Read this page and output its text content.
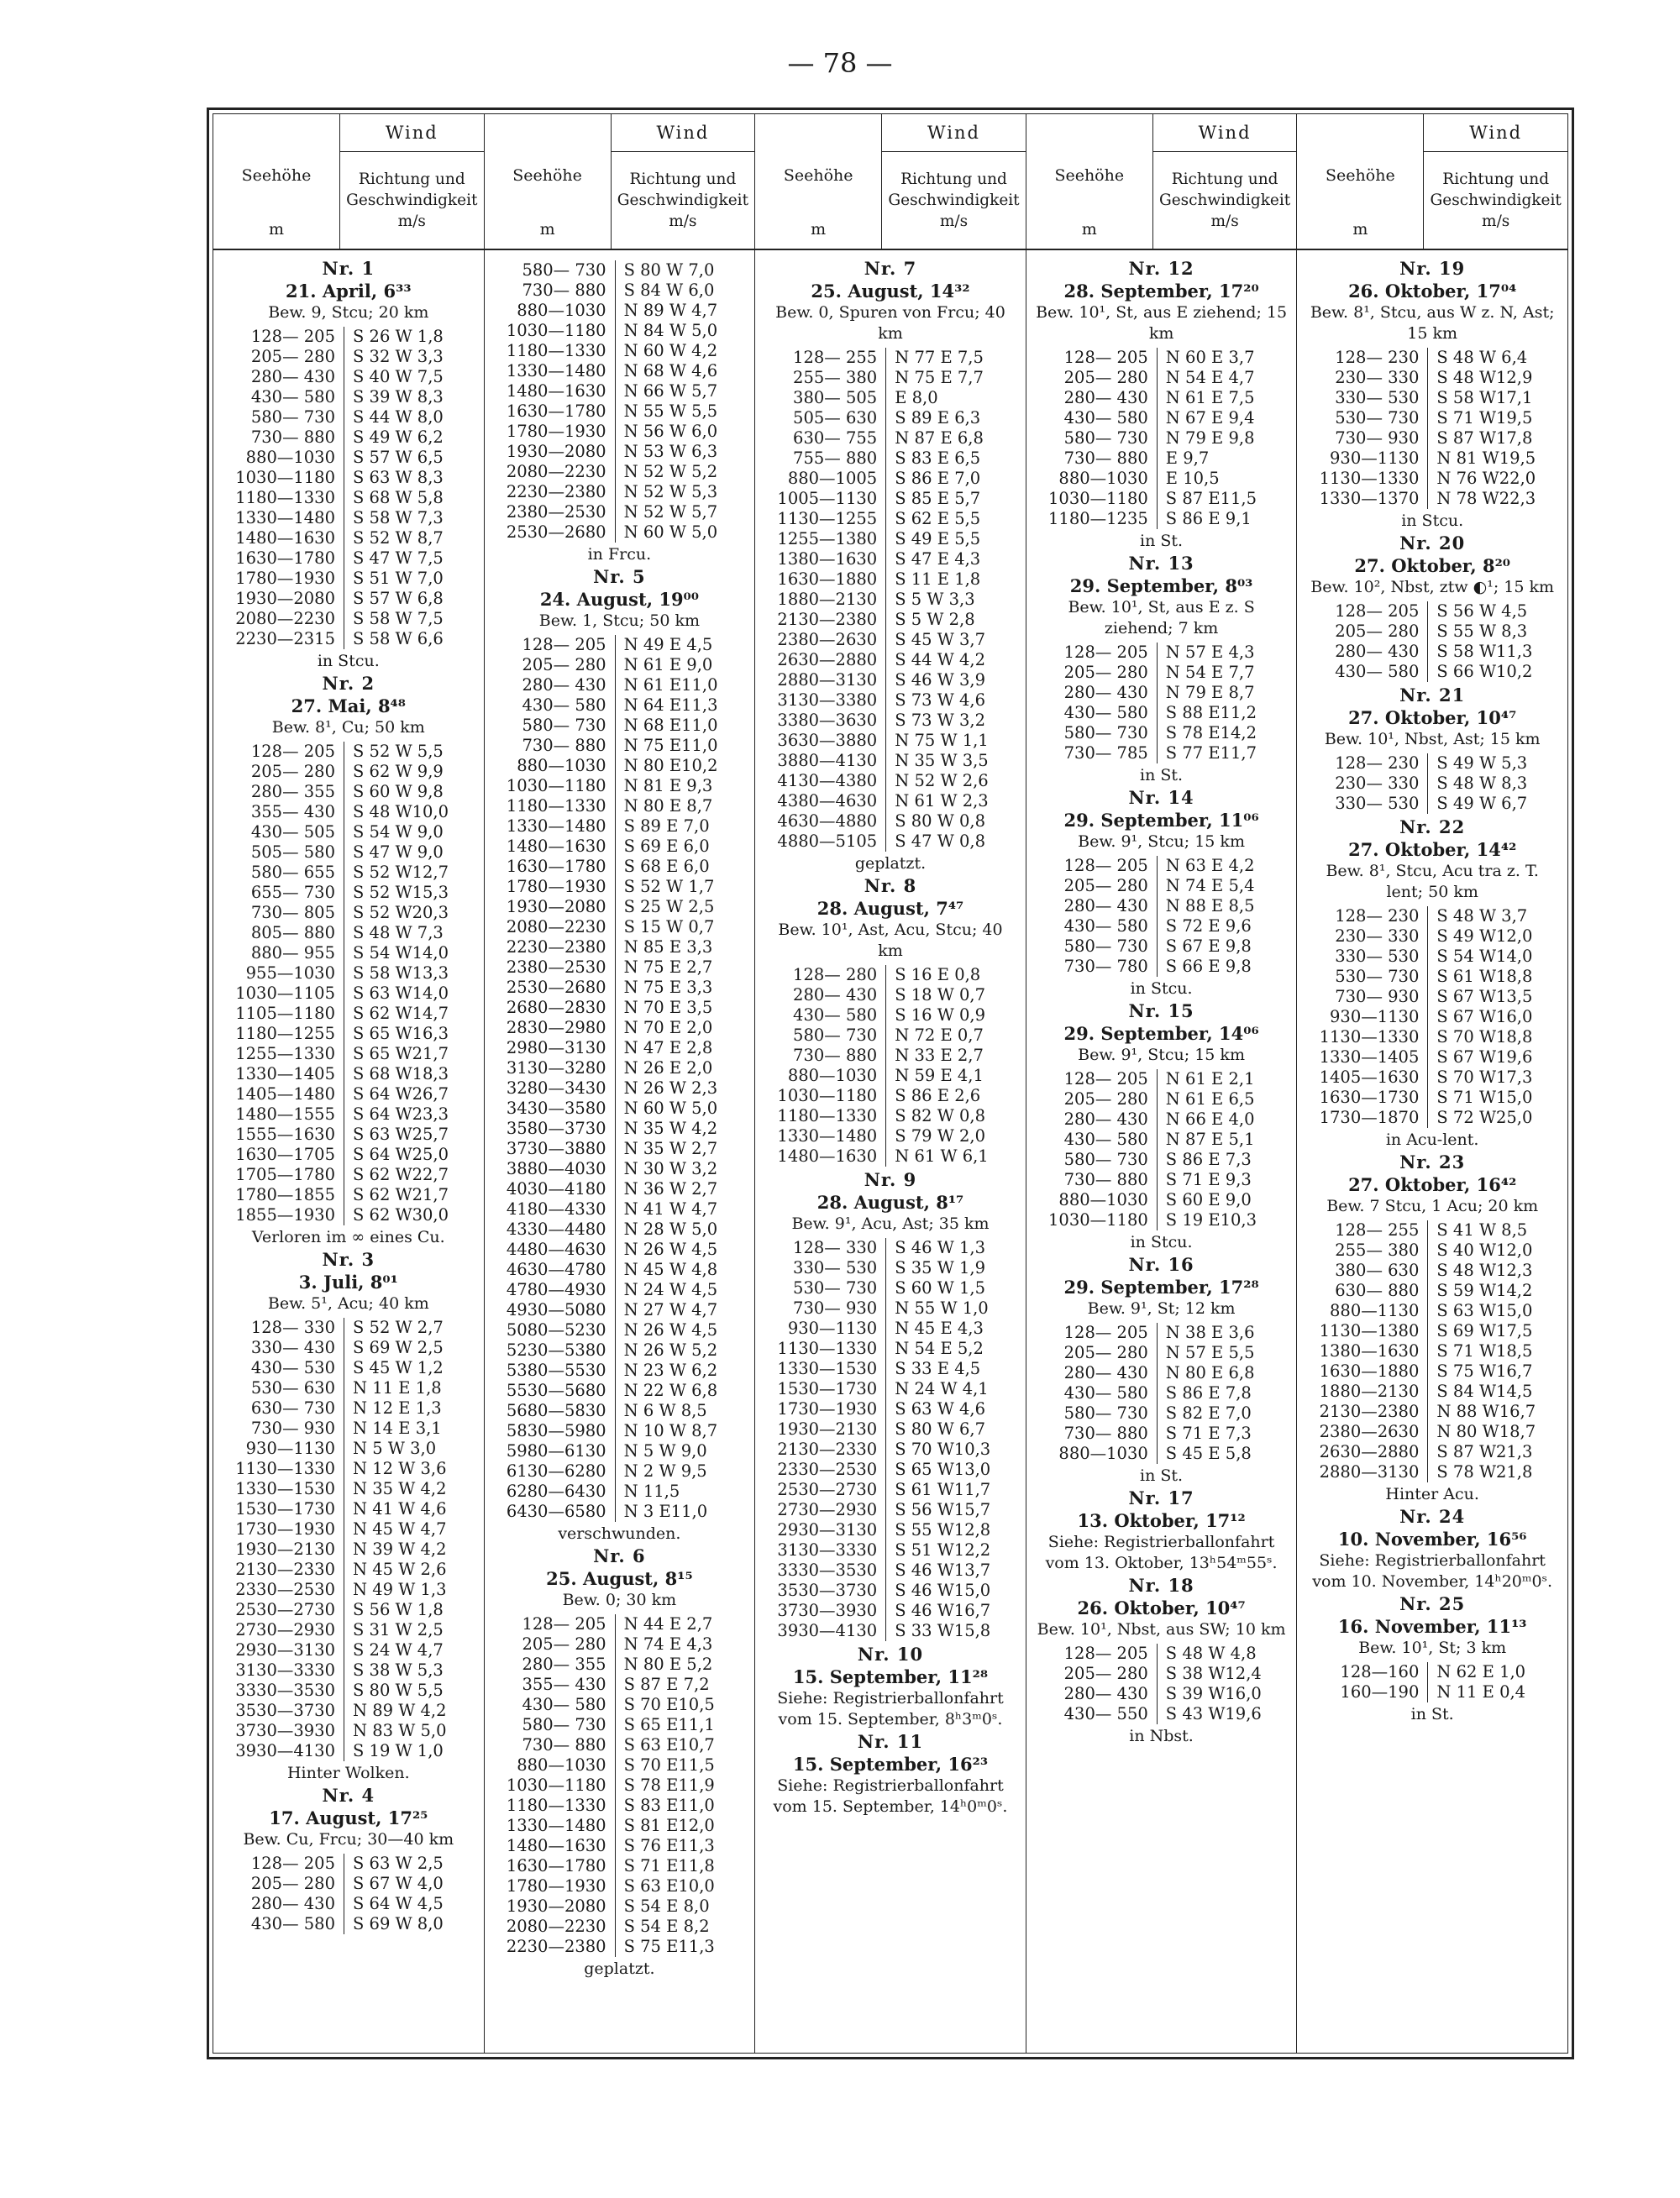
— 78 —
Seehöhe
m
Wind
Richtung und
Geschwindigkeit
m/s
Nr. 1
21. April, 6³³
Bew. 9, Stcu; 20 km
128— 205	S 26 W 1,8
205— 280	S 32 W 3,3
280— 430	S 40 W 7,5
430— 580	S 39 W 8,3
580— 730	S 44 W 8,0
730— 880	S 49 W 6,2
880—1030	S 57 W 6,5
1030—1180	S 63 W 8,3
1180—1330	S 68 W 5,8
1330—1480	S 58 W 7,3
1480—1630	S 52 W 8,7
1630—1780	S 47 W 7,5
1780—1930	S 51 W 7,0
1930—2080	S 57 W 6,8
2080—2230	S 58 W 7,5
2230—2315	S 58 W 6,6
in Stcu.
Nr. 2
27. Mai, 8⁴⁸
Bew. 8¹, Cu; 50 km
128— 205	S 52 W 5,5
205— 280	S 62 W 9,9
280— 355	S 60 W 9,8
355— 430	S 48 W10,0
430— 505	S 54 W 9,0
505— 580	S 47 W 9,0
580— 655	S 52 W12,7
655— 730	S 52 W15,3
730— 805	S 52 W20,3
805— 880	S 48 W 7,3
880— 955	S 54 W14,0
955—1030	S 58 W13,3
1030—1105	S 63 W14,0
1105—1180	S 62 W14,7
1180—1255	S 65 W16,3
1255—1330	S 65 W21,7
1330—1405	S 68 W18,3
1405—1480	S 64 W26,7
1480—1555	S 64 W23,3
1555—1630	S 63 W25,7
1630—1705	S 64 W25,0
1705—1780	S 62 W22,7
1780—1855	S 62 W21,7
1855—1930	S 62 W30,0
Verloren im ∞ eines Cu.
Nr. 3
3. Juli, 8⁰¹
Bew. 5¹, Acu; 40 km
128— 330	S 52 W 2,7
330— 430	S 69 W 2,5
430— 530	S 45 W 1,2
530— 630	N 11 E 1,8
630— 730	N 12 E 1,3
730— 930	N 14 E 3,1
930—1130	N 5 W 3,0
1130—1330	N 12 W 3,6
1330—1530	N 35 W 4,2
1530—1730	N 41 W 4,6
1730—1930	N 45 W 4,7
1930—2130	N 39 W 4,2
2130—2330	N 45 W 2,6
2330—2530	N 49 W 1,3
2530—2730	S 56 W 1,8
2730—2930	S 31 W 2,5
2930—3130	S 24 W 4,7
3130—3330	S 38 W 5,3
3330—3530	S 80 W 5,5
3530—3730	N 89 W 4,2
3730—3930	N 83 W 5,0
3930—4130	S 19 W 1,0
Hinter Wolken.
Nr. 4
17. August, 17²⁵
Bew. Cu, Frcu; 30—40 km
128— 205	S 63 W 2,5
205— 280	S 67 W 4,0
280— 430	S 64 W 4,5
430— 580	S 69 W 8,0
Seehöhe
m
Wind
Richtung und
Geschwindigkeit
m/s
580— 730	S 80 W 7,0
730— 880	S 84 W 6,0
880—1030	N 89 W 4,7
1030—1180	N 84 W 5,0
1180—1330	N 60 W 4,2
1330—1480	N 68 W 4,6
1480—1630	N 66 W 5,7
1630—1780	N 55 W 5,5
1780—1930	N 56 W 6,0
1930—2080	N 53 W 6,3
2080—2230	N 52 W 5,2
2230—2380	N 52 W 5,3
2380—2530	N 52 W 5,7
2530—2680	N 60 W 5,0
in Frcu.
Nr. 5
24. August, 19⁰⁰
Bew. 1, Stcu; 50 km
128— 205	N 49 E 4,5
205— 280	N 61 E 9,0
280— 430	N 61 E11,0
430— 580	N 64 E11,3
580— 730	N 68 E11,0
730— 880	N 75 E11,0
880—1030	N 80 E10,2
1030—1180	N 81 E 9,3
1180—1330	N 80 E 8,7
1330—1480	S 89 E 7,0
1480—1630	S 69 E 6,0
1630—1780	S 68 E 6,0
1780—1930	S 52 W 1,7
1930—2080	S 25 W 2,5
2080—2230	S 15 W 0,7
2230—2380	N 85 E 3,3
2380—2530	N 75 E 2,7
2530—2680	N 75 E 3,3
2680—2830	N 70 E 3,5
2830—2980	N 70 E 2,0
2980—3130	N 47 E 2,8
3130—3280	N 26 E 2,0
3280—3430	N 26 W 2,3
3430—3580	N 60 W 5,0
3580—3730	N 35 W 4,2
3730—3880	N 35 W 2,7
3880—4030	N 30 W 3,2
4030—4180	N 36 W 2,7
4180—4330	N 41 W 4,7
4330—4480	N 28 W 5,0
4480—4630	N 26 W 4,5
4630—4780	N 45 W 4,8
4780—4930	N 24 W 4,5
4930—5080	N 27 W 4,7
5080—5230	N 26 W 4,5
5230—5380	N 26 W 5,2
5380—5530	N 23 W 6,2
5530—5680	N 22 W 6,8
5680—5830	N 6 W 8,5
5830—5980	N 10 W 8,7
5980—6130	N 5 W 9,0
6130—6280	N 2 W 9,5
6280—6430	N 11,5
6430—6580	N 3 E11,0
verschwunden.
Nr. 6
25. August, 8¹⁵
Bew. 0; 30 km
128— 205	N 44 E 2,7
205— 280	N 74 E 4,3
280— 355	N 80 E 5,2
355— 430	S 87 E 7,2
430— 580	S 70 E10,5
580— 730	S 65 E11,1
730— 880	S 63 E10,7
880—1030	S 70 E11,5
1030—1180	S 78 E11,9
1180—1330	S 83 E11,0
1330—1480	S 81 E12,0
1480—1630	S 76 E11,3
1630—1780	S 71 E11,8
1780—1930	S 63 E10,0
1930—2080	S 54 E 8,0
2080—2230	S 54 E 8,2
2230—2380	S 75 E11,3
geplatzt.
Seehöhe
m
Wind
Richtung und
Geschwindigkeit
m/s
Nr. 7
25. August, 14³²
Bew. 0, Spuren von Frcu; 40 km
128— 255	N 77 E 7,5
255— 380	N 75 E 7,7
380— 505	E 8,0
505— 630	S 89 E 6,3
630— 755	N 87 E 6,8
755— 880	S 83 E 6,5
880—1005	S 86 E 7,0
1005—1130	S 85 E 5,7
1130—1255	S 62 E 5,5
1255—1380	S 49 E 5,5
1380—1630	S 47 E 4,3
1630—1880	S 11 E 1,8
1880—2130	S 5 W 3,3
2130—2380	S 5 W 2,8
2380—2630	S 45 W 3,7
2630—2880	S 44 W 4,2
2880—3130	S 46 W 3,9
3130—3380	S 73 W 4,6
3380—3630	S 73 W 3,2
3630—3880	N 75 W 1,1
3880—4130	N 35 W 3,5
4130—4380	N 52 W 2,6
4380—4630	N 61 W 2,3
4630—4880	S 80 W 0,8
4880—5105	S 47 W 0,8
geplatzt.
Nr. 8
28. August, 7⁴⁷
Bew. 10¹, Ast, Acu, Stcu; 40 km
128— 280	S 16 E 0,8
280— 430	S 18 W 0,7
430— 580	S 16 W 0,9
580— 730	N 72 E 0,7
730— 880	N 33 E 2,7
880—1030	N 59 E 4,1
1030—1180	S 86 E 2,6
1180—1330	S 82 W 0,8
1330—1480	S 79 W 2,0
1480—1630	N 61 W 6,1
Nr. 9
28. August, 8¹⁷
Bew. 9¹, Acu, Ast; 35 km
128— 330	S 46 W 1,3
330— 530	S 35 W 1,9
530— 730	S 60 W 1,5
730— 930	N 55 W 1,0
930—1130	N 45 E 4,3
1130—1330	N 54 E 5,2
1330—1530	S 33 E 4,5
1530—1730	N 24 W 4,1
1730—1930	S 63 W 4,6
1930—2130	S 80 W 6,7
2130—2330	S 70 W10,3
2330—2530	S 65 W13,0
2530—2730	S 61 W11,7
2730—2930	S 56 W15,7
2930—3130	S 55 W12,8
3130—3330	S 51 W12,2
3330—3530	S 46 W13,7
3530—3730	S 46 W15,0
3730—3930	S 46 W16,7
3930—4130	S 33 W15,8
Nr. 10
15. September, 11²⁸
Siehe: Registrierballonfahrt vom 15. September, 8ʰ3ᵐ0ˢ.
Nr. 11
15. September, 16²³
Siehe: Registrierballonfahrt vom 15. September, 14ʰ0ᵐ0ˢ.
Seehöhe
m
Wind
Richtung und
Geschwindigkeit
m/s
Nr. 12
28. September, 17²⁰
Bew. 10¹, St, aus E ziehend; 15 km
128— 205	N 60 E 3,7
205— 280	N 54 E 4,7
280— 430	N 61 E 7,5
430— 580	N 67 E 9,4
580— 730	N 79 E 9,8
730— 880	E 9,7
880—1030	E 10,5
1030—1180	S 87 E11,5
1180—1235	S 86 E 9,1
in St.
Nr. 13
29. September, 8⁰³
Bew. 10¹, St, aus E z. S ziehend; 7 km
128— 205	N 57 E 4,3
205— 280	N 54 E 7,7
280— 430	N 79 E 8,7
430— 580	S 88 E11,2
580— 730	S 78 E14,2
730— 785	S 77 E11,7
in St.
Nr. 14
29. September, 11⁰⁶
Bew. 9¹, Stcu; 15 km
128— 205	N 63 E 4,2
205— 280	N 74 E 5,4
280— 430	N 88 E 8,5
430— 580	S 72 E 9,6
580— 730	S 67 E 9,8
730— 780	S 66 E 9,8
in Stcu.
Nr. 15
29. September, 14⁰⁶
Bew. 9¹, Stcu; 15 km
128— 205	N 61 E 2,1
205— 280	N 61 E 6,5
280— 430	N 66 E 4,0
430— 580	N 87 E 5,1
580— 730	S 86 E 7,3
730— 880	S 71 E 9,3
880—1030	S 60 E 9,0
1030—1180	S 19 E10,3
in Stcu.
Nr. 16
29. September, 17²⁸
Bew. 9¹, St; 12 km
128— 205	N 38 E 3,6
205— 280	N 57 E 5,5
280— 430	N 80 E 6,8
430— 580	S 86 E 7,8
580— 730	S 82 E 7,0
730— 880	S 71 E 7,3
880—1030	S 45 E 5,8
in St.
Nr. 17
13. Oktober, 17¹²
Siehe: Registrierballonfahrt vom 13. Oktober, 13ʰ54ᵐ55ˢ.
Nr. 18
26. Oktober, 10⁴⁷
Bew. 10¹, Nbst, aus SW; 10 km
128— 205	S 48 W 4,8
205— 280	S 38 W12,4
280— 430	S 39 W16,0
430— 550	S 43 W19,6
in Nbst.
Seehöhe
m
Wind
Richtung und
Geschwindigkeit
m/s
Nr. 19
26. Oktober, 17⁰⁴
Bew. 8¹, Stcu, aus W z. N, Ast; 15 km
128— 230	S 48 W 6,4
230— 330	S 48 W12,9
330— 530	S 58 W17,1
530— 730	S 71 W19,5
730— 930	S 87 W17,8
930—1130	N 81 W19,5
1130—1330	N 76 W22,0
1330—1370	N 78 W22,3
in Stcu.
Nr. 20
27. Oktober, 8²⁰
Bew. 10², Nbst, ztw ◐¹; 15 km
128— 205	S 56 W 4,5
205— 280	S 55 W 8,3
280— 430	S 58 W11,3
430— 580	S 66 W10,2
Nr. 21
27. Oktober, 10⁴⁷
Bew. 10¹, Nbst, Ast; 15 km
128— 230	S 49 W 5,3
230— 330	S 48 W 8,3
330— 530	S 49 W 6,7
Nr. 22
27. Oktober, 14⁴²
Bew. 8¹, Stcu, Acu tra z. T. lent; 50 km
128— 230	S 48 W 3,7
230— 330	S 49 W12,0
330— 530	S 54 W14,0
530— 730	S 61 W18,8
730— 930	S 67 W13,5
930—1130	S 67 W16,0
1130—1330	S 70 W18,8
1330—1405	S 67 W19,6
1405—1630	S 70 W17,3
1630—1730	S 71 W15,0
1730—1870	S 72 W25,0
in Acu-lent.
Nr. 23
27. Oktober, 16⁴²
Bew. 7 Stcu, 1 Acu; 20 km
128— 255	S 41 W 8,5
255— 380	S 40 W12,0
380— 630	S 48 W12,3
630— 880	S 59 W14,2
880—1130	S 63 W15,0
1130—1380	S 69 W17,5
1380—1630	S 71 W18,5
1630—1880	S 75 W16,7
1880—2130	S 84 W14,5
2130—2380	N 88 W16,7
2380—2630	N 80 W18,7
2630—2880	S 87 W21,3
2880—3130	S 78 W21,8
Hinter Acu.
Nr. 24
10. November, 16⁵⁶
Siehe: Registrierballonfahrt vom 10. November, 14ʰ20ᵐ0ˢ.
Nr. 25
16. November, 11¹³
Bew. 10¹, St; 3 km
128—160	N 62 E 1,0
160—190	N 11 E 0,4
in St.
